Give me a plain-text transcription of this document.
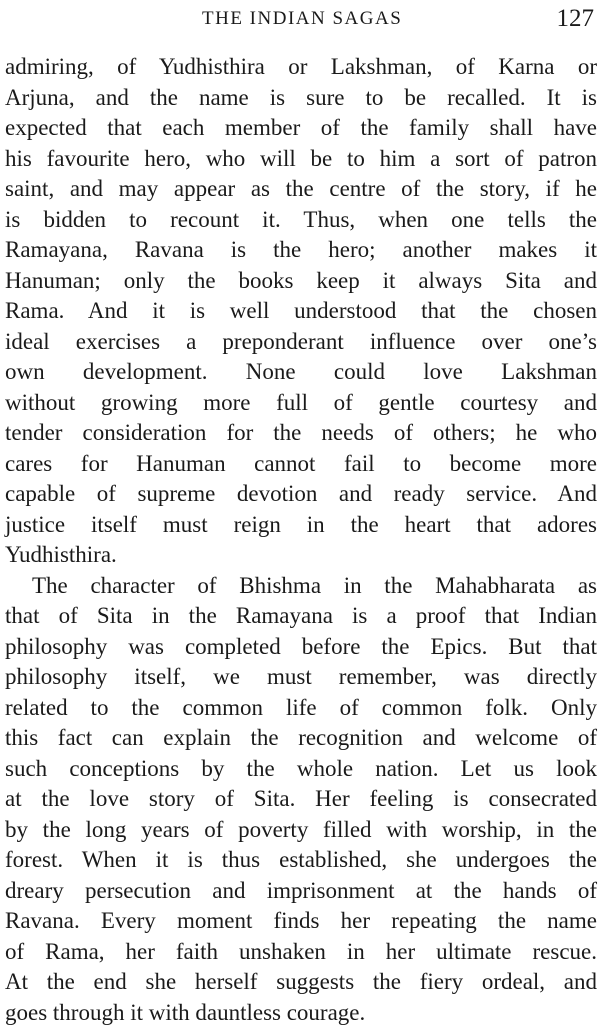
THE INDIAN SAGAS	127
admiring, of Yudhisthira or Lakshman, of Karna or
Arjuna, and the name is sure to be recalled. It is
expected that each member of the family shall have
his favourite hero, who will be to him a sort of patron
saint, and may appear as the centre of the story, if he
is bidden to recount it. Thus, when one tells the
Ramayana, Ravana is the hero; another makes it
Hanuman; only the books keep it always Sita and
Rama. And it is well understood that the chosen
ideal exercises a preponderant influence over one’s
own development. None could love Lakshman
without growing more full of gentle courtesy and
tender consideration for the needs of others; he who
cares for Hanuman cannot fail to become more
capable of supreme devotion and ready service. And
justice itself must reign in the heart that adores
Yudhisthira.
The character of Bhishma in the Mahabharata as
that of Sita in the Ramayana is a proof that Indian
philosophy was completed before the Epics. But that
philosophy itself, we must remember, was directly
related to the common life of common folk. Only
this fact can explain the recognition and welcome of
such conceptions by the whole nation. Let us look
at the love story of Sita. Her feeling is consecrated
by the long years of poverty filled with worship, in the
forest. When it is thus established, she undergoes the
dreary persecution and imprisonment at the hands of
Ravana. Every moment finds her repeating the name
of Rama, her faith unshaken in her ultimate rescue.
At the end she herself suggests the fiery ordeal, and
goes through it with dauntless courage.
